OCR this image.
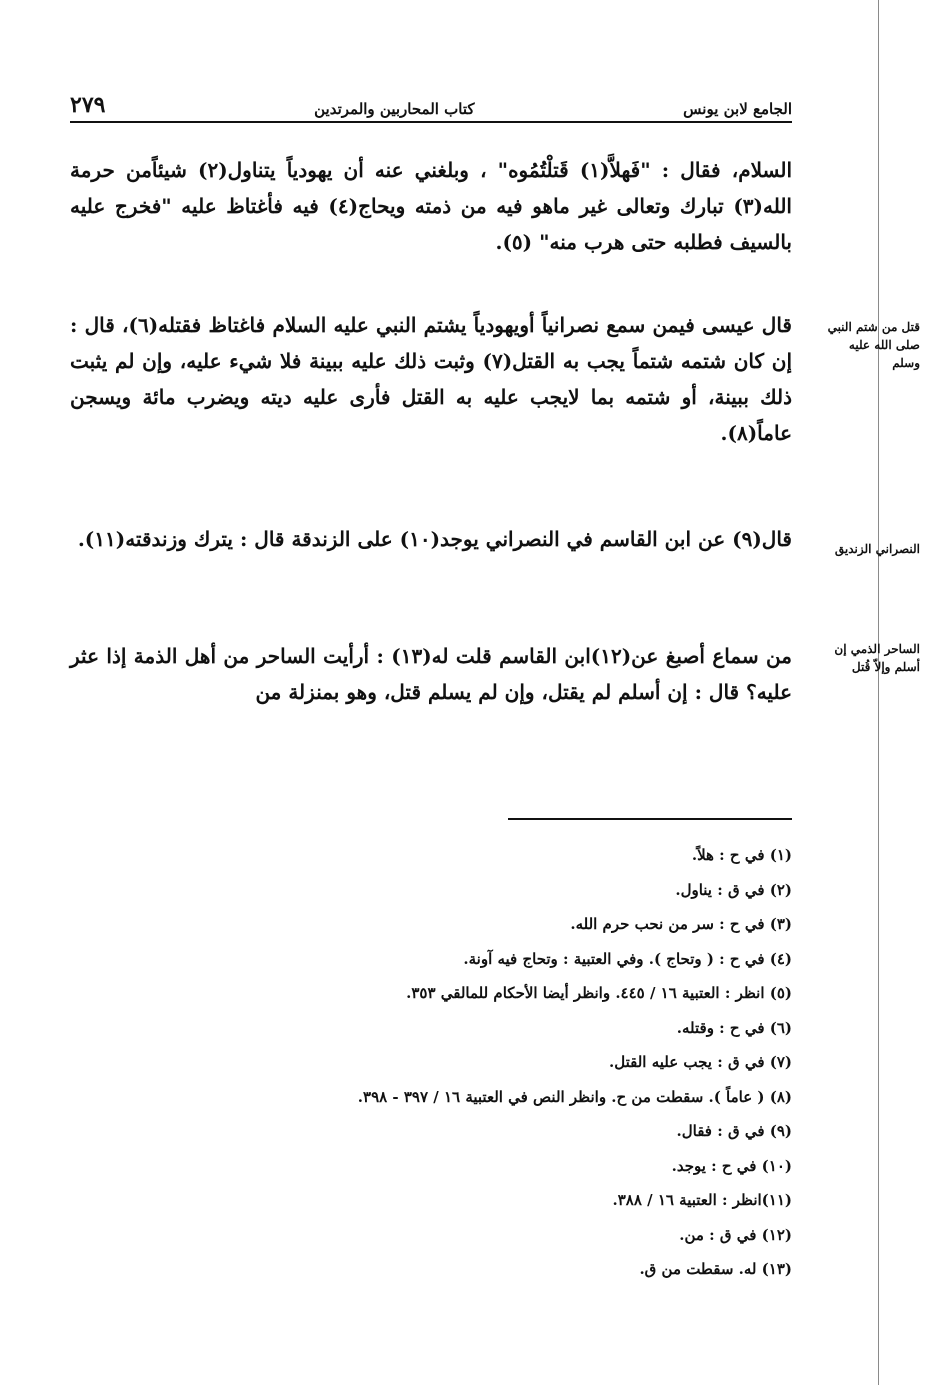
الجامع لابن يونس
كتاب المحاربين والمرتدين
٢٧٩
السلام، فقال : "فَهلاَّ(١) قَتلْتُمُوه" ، وبلغني عنه أن يهودياً يتناول(٢) شيئاًمن حرمة الله(٣) تبارك وتعالى غير ماهو فيه من ذمته ويحاج(٤) فيه فأغتاظ عليه "فخرج عليه بالسيف فطلبه حتى هرب منه" (٥).
قال عيسى فيمن سمع نصرانياً أويهودياً يشتم النبي عليه السلام فاغتاظ فقتله(٦)، قال : إن كان شتمه شتماً يجب به القتل(٧) وثبت ذلك عليه ببينة فلا شيء عليه، وإن لم يثبت ذلك ببينة، أو شتمه بما لايجب عليه به القتل فأرى عليه ديته ويضرب مائة ويسجن عاماً(٨).
قال(٩) عن ابن القاسم في النصراني يوجد(١٠) على الزندقة قال : يترك وزندقته(١١).
من سماع أصبغ عن(١٢)ابن القاسم قلت له(١٣) : أرأيت الساحر من أهل الذمة إذا عثر عليه؟ قال : إن أسلم لم يقتل، وإن لم يسلم قتل، وهو بمنزلة من
قتل من شتم النبي صلى الله عليه وسلم
النصراني الزنديق
الساحر الذمي إن أسلم وإلاّ قُتل
(١) في ح : هلاً.
(٢) في ق : يناول.
(٣) في ح : سر من نحب حرم الله.
(٤) في ح : ( وتحاج ). وفي العتبية : وتحاج فيه آونة.
(٥) انظر : العتبية ١٦ / ٤٤٥. وانظر أيضا الأحكام للمالقي ٣٥٣.
(٦) في ح : وقتله.
(٧) في ق : يجب عليه القتل.
(٨) ( عاماً ). سقطت من ح. وانظر النص في العتبية ١٦ / ٣٩٧ - ٣٩٨.
(٩) في ق : فقال.
(١٠) في ح : يوجد.
(١١)انظر : العتبية ١٦ / ٣٨٨.
(١٢) في ق : من.
(١٣) له. سقطت من ق.
